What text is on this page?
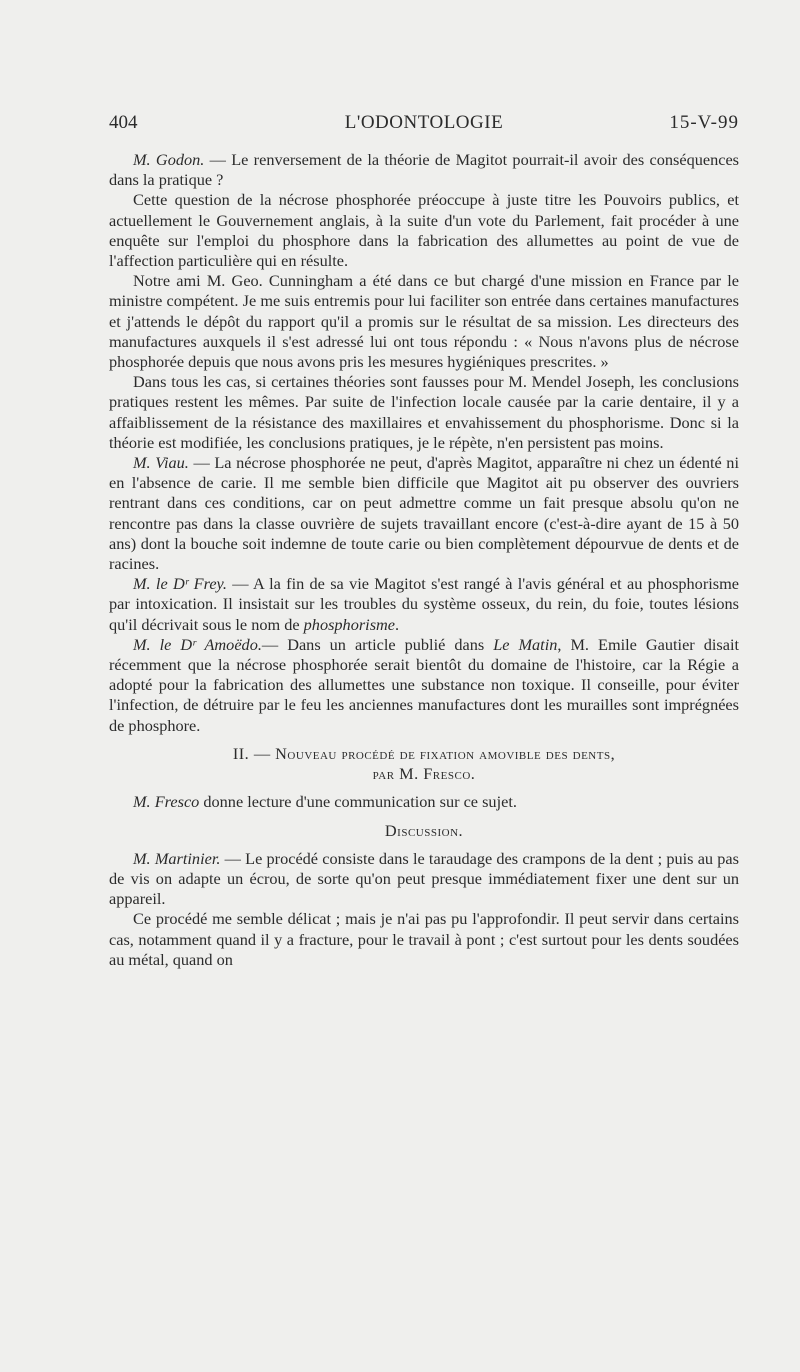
404	L'ODONTOLOGIE	15-V-99

M. Godon. — Le renversement de la théorie de Magitot pourrait-il avoir des conséquences dans la pratique ?

Cette question de la nécrose phosphorée préoccupe à juste titre les Pouvoirs publics, et actuellement le Gouvernement anglais, à la suite d'un vote du Parlement, fait procéder à une enquête sur l'emploi du phosphore dans la fabrication des allumettes au point de vue de l'affection particulière qui en résulte.

Notre ami M. Geo. Cunningham a été dans ce but chargé d'une mission en France par le ministre compétent. Je me suis entremis pour lui faciliter son entrée dans certaines manufactures et j'attends le dépôt du rapport qu'il a promis sur le résultat de sa mission. Les directeurs des manufactures auxquels il s'est adressé lui ont tous répondu : « Nous n'avons plus de nécrose phosphorée depuis que nous avons pris les mesures hygiéniques prescrites. »

Dans tous les cas, si certaines théories sont fausses pour M. Mendel Joseph, les conclusions pratiques restent les mêmes. Par suite de l'infection locale causée par la carie dentaire, il y a affaiblissement de la résistance des maxillaires et envahissement du phosphorisme. Donc si la théorie est modifiée, les conclusions pratiques, je le répète, n'en persistent pas moins.

M. Viau. — La nécrose phosphorée ne peut, d'après Magitot, apparaître ni chez un édenté ni en l'absence de carie. Il me semble bien difficile que Magitot ait pu observer des ouvriers rentrant dans ces conditions, car on peut admettre comme un fait presque absolu qu'on ne rencontre pas dans la classe ouvrière de sujets travaillant encore (c'est-à-dire ayant de 15 à 50 ans) dont la bouche soit indemne de toute carie ou bien complètement dépourvue de dents et de racines.

M. le Dʳ Frey. — A la fin de sa vie Magitot s'est rangé à l'avis général et au phosphorisme par intoxication. Il insistait sur les troubles du système osseux, du rein, du foie, toutes lésions qu'il décrivait sous le nom de phosphorisme.

M. le Dʳ Amoëdo.— Dans un article publié dans Le Matin, M. Emile Gautier disait récemment que la nécrose phosphorée serait bientôt du domaine de l'histoire, car la Régie a adopté pour la fabrication des allumettes une substance non toxique. Il conseille, pour éviter l'infection, de détruire par le feu les anciennes manufactures dont les murailles sont imprégnées de phosphore.

II. — Nouveau procédé de fixation amovible des dents,

par M. Fresco.

M. Fresco donne lecture d'une communication sur ce sujet.

Discussion.

M. Martinier. — Le procédé consiste dans le taraudage des crampons de la dent ; puis au pas de vis on adapte un écrou, de sorte qu'on peut presque immédiatement fixer une dent sur un appareil.

Ce procédé me semble délicat ; mais je n'ai pas pu l'approfondir. Il peut servir dans certains cas, notamment quand il y a fracture, pour le travail à pont ; c'est surtout pour les dents soudées au métal, quand on
